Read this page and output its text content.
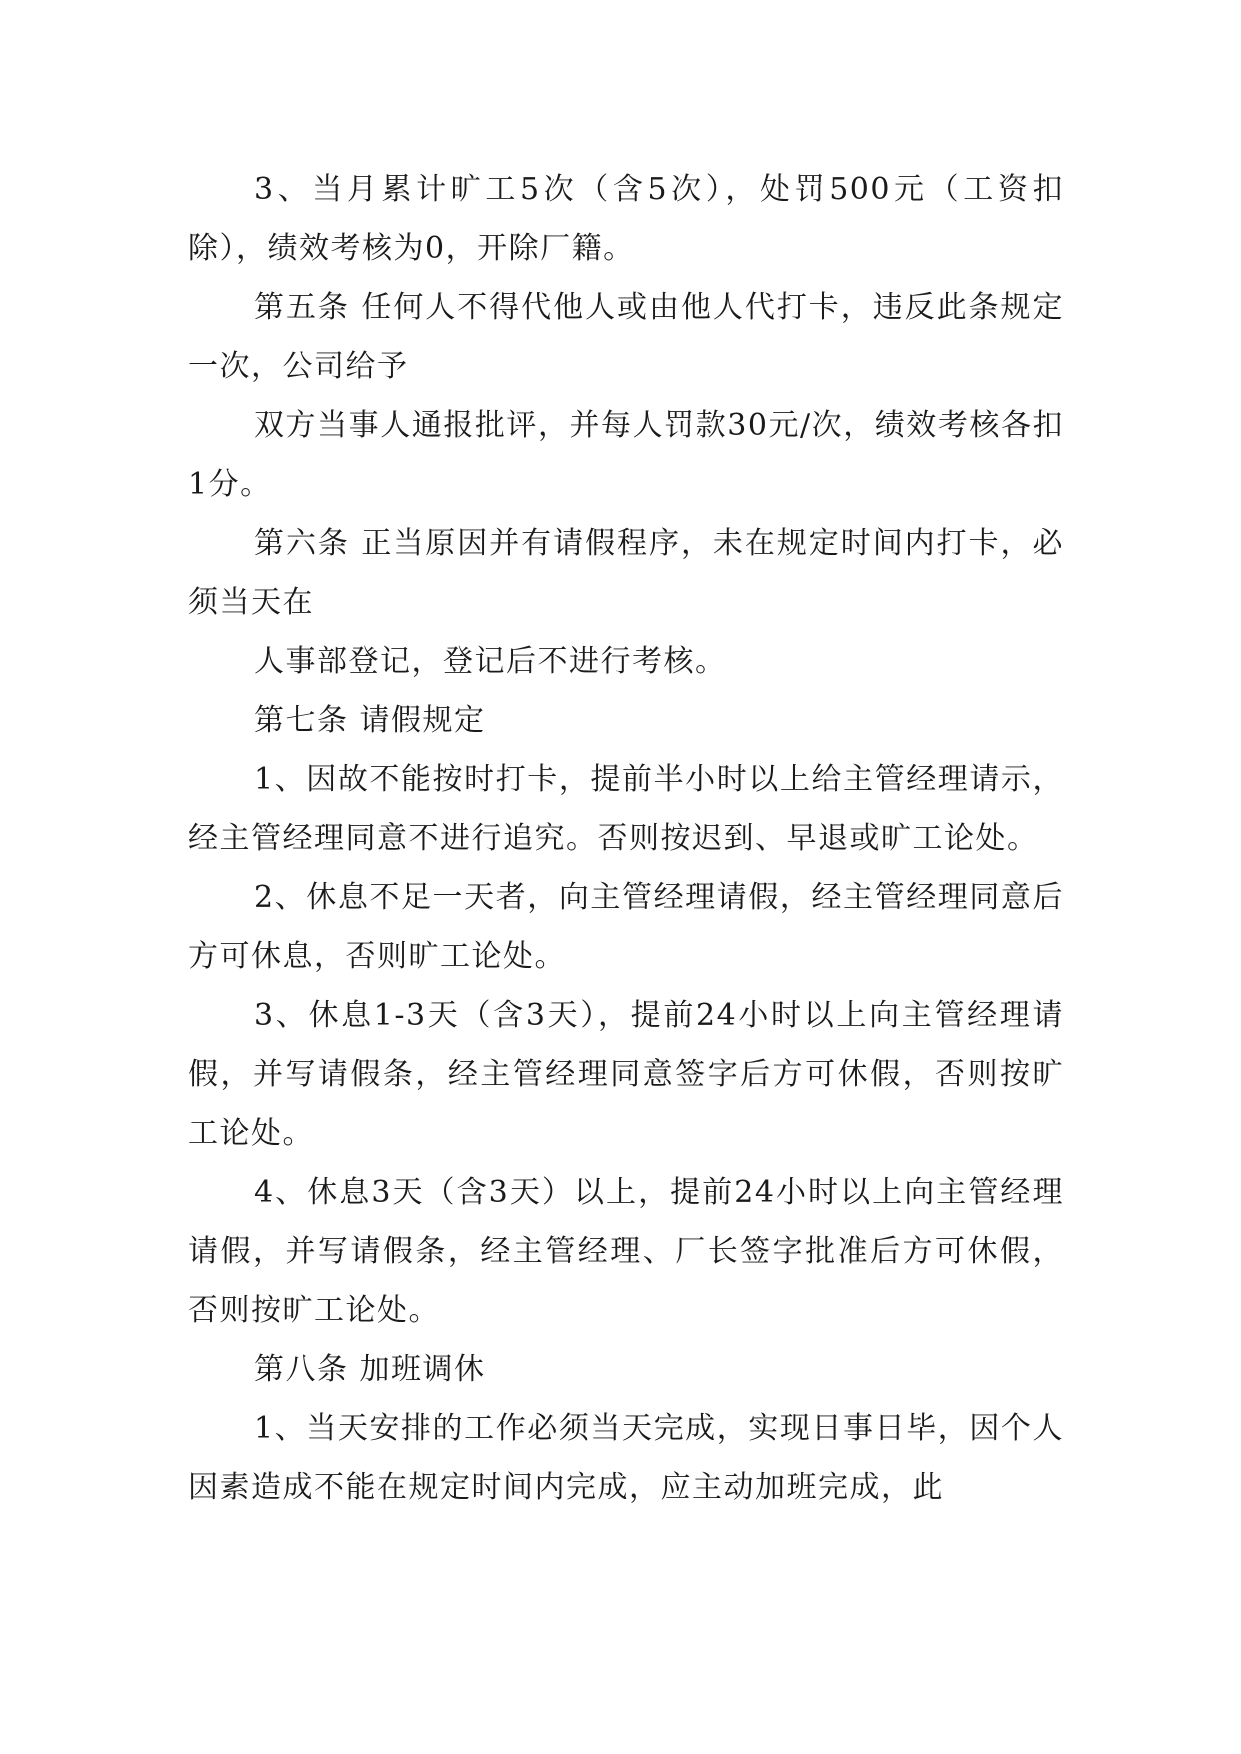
3、当月累计旷工5次（含5次），处罚500元（工资扣除），绩效考核为0，开除厂籍。

第五条 任何人不得代他人或由他人代打卡，违反此条规定一次，公司给予

双方当事人通报批评，并每人罚款30元/次，绩效考核各扣1分。

第六条 正当原因并有请假程序，未在规定时间内打卡，必须当天在

人事部登记，登记后不进行考核。

第七条 请假规定

1、因故不能按时打卡，提前半小时以上给主管经理请示，经主管经理同意不进行追究。否则按迟到、早退或旷工论处。

2、休息不足一天者，向主管经理请假，经主管经理同意后方可休息，否则旷工论处。

3、休息1-3天（含3天），提前24小时以上向主管经理请假，并写请假条，经主管经理同意签字后方可休假，否则按旷工论处。

4、休息3天（含3天）以上，提前24小时以上向主管经理请假，并写请假条，经主管经理、厂长签字批准后方可休假，否则按旷工论处。

第八条 加班调休

1、当天安排的工作必须当天完成，实现日事日毕，因个人因素造成不能在规定时间内完成，应主动加班完成，此
